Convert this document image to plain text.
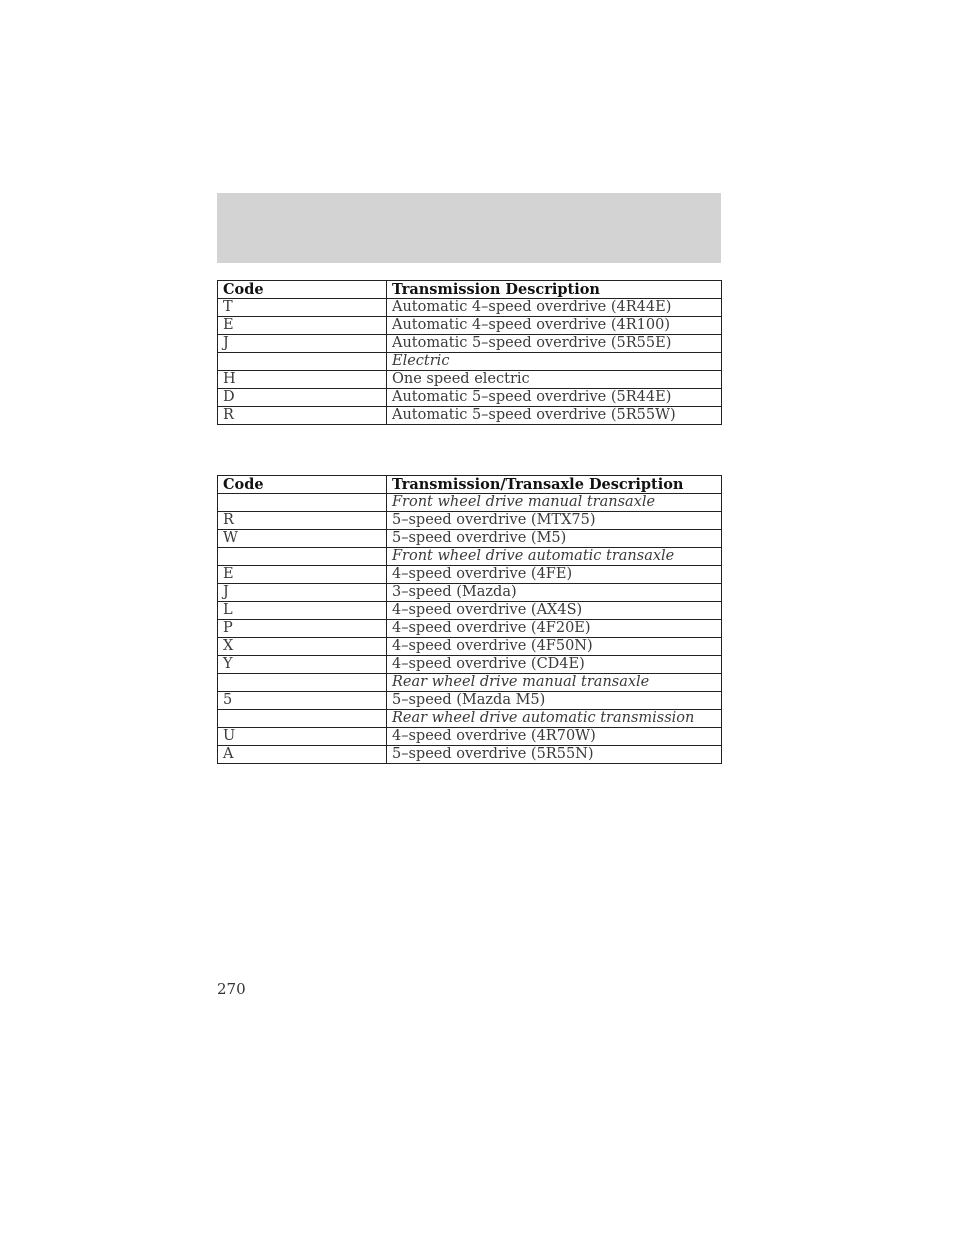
Code	Transmission Description
T	Automatic 4–speed overdrive (4R44E)
E	Automatic 4–speed overdrive (4R100)
J	Automatic 5–speed overdrive (5R55E)
	Electric
H	One speed electric
D	Automatic 5–speed overdrive (5R44E)
R	Automatic 5–speed overdrive (5R55W)
Code	Transmission/Transaxle Description
	Front wheel drive manual transaxle
R	5–speed overdrive (MTX75)
W	5–speed overdrive (M5)
	Front wheel drive automatic transaxle
E	4–speed overdrive (4FE)
J	3–speed (Mazda)
L	4–speed overdrive (AX4S)
P	4–speed overdrive (4F20E)
X	4–speed overdrive (4F50N)
Y	4–speed overdrive (CD4E)
	Rear wheel drive manual transaxle
5	5–speed (Mazda M5)
	Rear wheel drive automatic transmission
U	4–speed overdrive (4R70W)
A	5–speed overdrive (5R55N)
270
